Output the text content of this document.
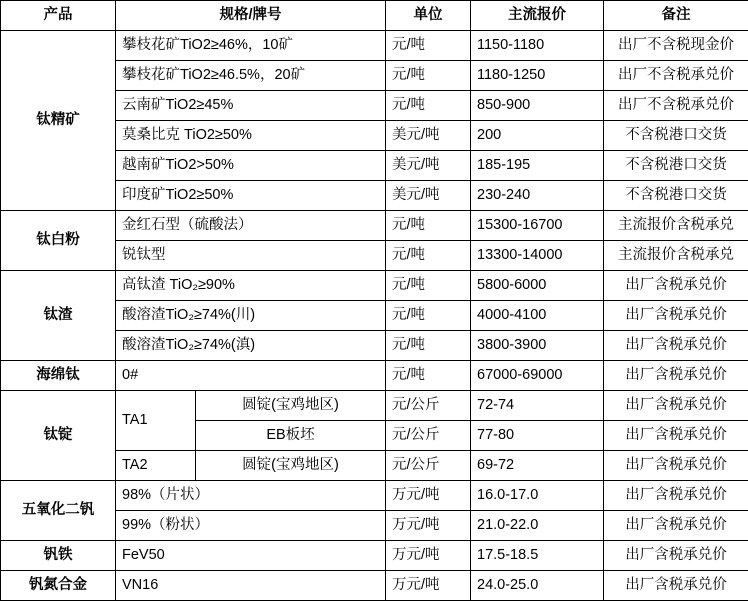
产品	规格/牌号		单位	主流报价	备注
钛精矿	攀枝花矿TiO2≥46%，10矿		元/吨	1150-1180	出厂不含税现金价
	攀枝花矿TiO2≥46.5%，20矿		元/吨	1180-1250	出厂不含税承兑价
	云南矿TiO2≥45%		元/吨	850-900	出厂不含税承兑价
	莫桑比克 TiO2≥50%		美元/吨	200	不含税港口交货
	越南矿TiO2>50%		美元/吨	185-195	不含税港口交货
	印度矿TiO2≥50%		美元/吨	230-240	不含税港口交货
钛白粉	金红石型（硫酸法）		元/吨	15300-16700	主流报价含税承兑
	锐钛型		元/吨	13300-14000	主流报价含税承兑
钛渣	高钛渣 TiO₂≥90%		元/吨	5800-6000	出厂含税承兑价
	酸溶渣TiO₂≥74%(川)		元/吨	4000-4100	出厂含税承兑价
	酸溶渣TiO₂≥74%(滇)		元/吨	3800-3900	出厂含税承兑价
海绵钛	0#		元/吨	67000-69000	出厂含税承兑价
钛锭	TA1	圆锭(宝鸡地区)	元/公斤	72-74	出厂含税承兑价
		EB板坯	元/公斤	77-80	出厂含税承兑价
	TA2	圆锭(宝鸡地区)	元/公斤	69-72	出厂含税承兑价
五氧化二钒	98%（片状）		万元/吨	16.0-17.0	出厂含税承兑价
	99%（粉状）		万元/吨	21.0-22.0	出厂含税承兑价
钒铁	FeV50		万元/吨	17.5-18.5	出厂含税承兑价
钒氮合金	VN16		万元/吨	24.0-25.0	出厂含税承兑价
